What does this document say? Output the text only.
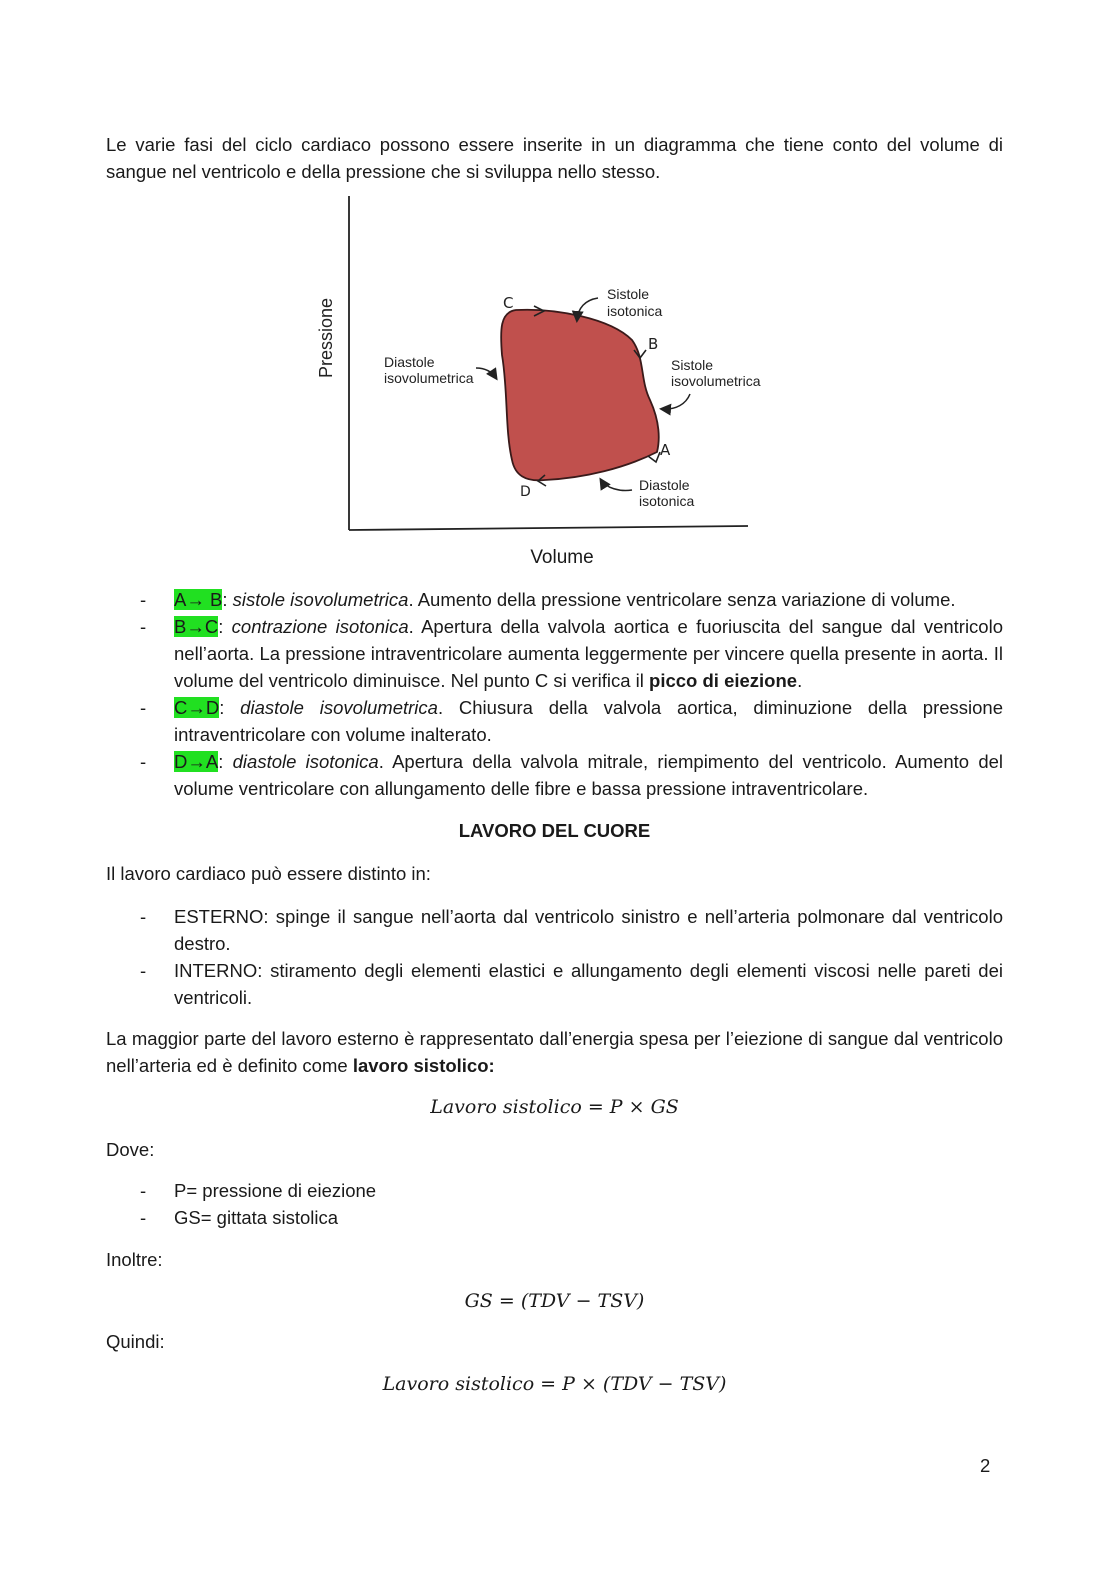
Le varie fasi del ciclo cardiaco possono essere inserite in un diagramma che tiene conto del volume di sangue nel ventricolo e della pressione che si sviluppa nello stesso.

Pressione	C
B
A
D
Sistole
isotonica
Sistole
isovolumetrica
Diastole
isovolumetrica
Diastole
isotonica
Volume
- A→ B: sistole isovolumetrica. Aumento della pressione ventricolare senza variazione di volume.
- B→C: contrazione isotonica. Apertura della valvola aortica e fuoriuscita del sangue dal ventricolo nell’aorta. La pressione intraventricolare aumenta leggermente per vincere quella presente in aorta. Il volume del ventricolo diminuisce. Nel punto C si verifica il picco di eiezione.
- C→D: diastole isovolumetrica. Chiusura della valvola aortica, diminuzione della pressione intraventricolare con volume inalterato.
- D→A: diastole isotonica. Apertura della valvola mitrale, riempimento del ventricolo. Aumento del volume ventricolare con allungamento delle fibre e bassa pressione intraventricolare.
LAVORO DEL CUORE

Il lavoro cardiaco può essere distinto in:

- ESTERNO: spinge il sangue nell’aorta dal ventricolo sinistro e nell’arteria polmonare dal ventricolo destro.
- INTERNO: stiramento degli elementi elastici e allungamento degli elementi viscosi nelle pareti dei ventricoli.

La maggior parte del lavoro esterno è rappresentato dall’energia spesa per l’eiezione di sangue dal ventricolo nell’arteria ed è definito come lavoro sistolico:

Lavoro sistolico = P × GS

Dove:

- P= pressione di eiezione
- GS= gittata sistolica

Inoltre:

GS = (TDV − TSV)

Quindi:

Lavoro sistolico = P × (TDV − TSV)
2
